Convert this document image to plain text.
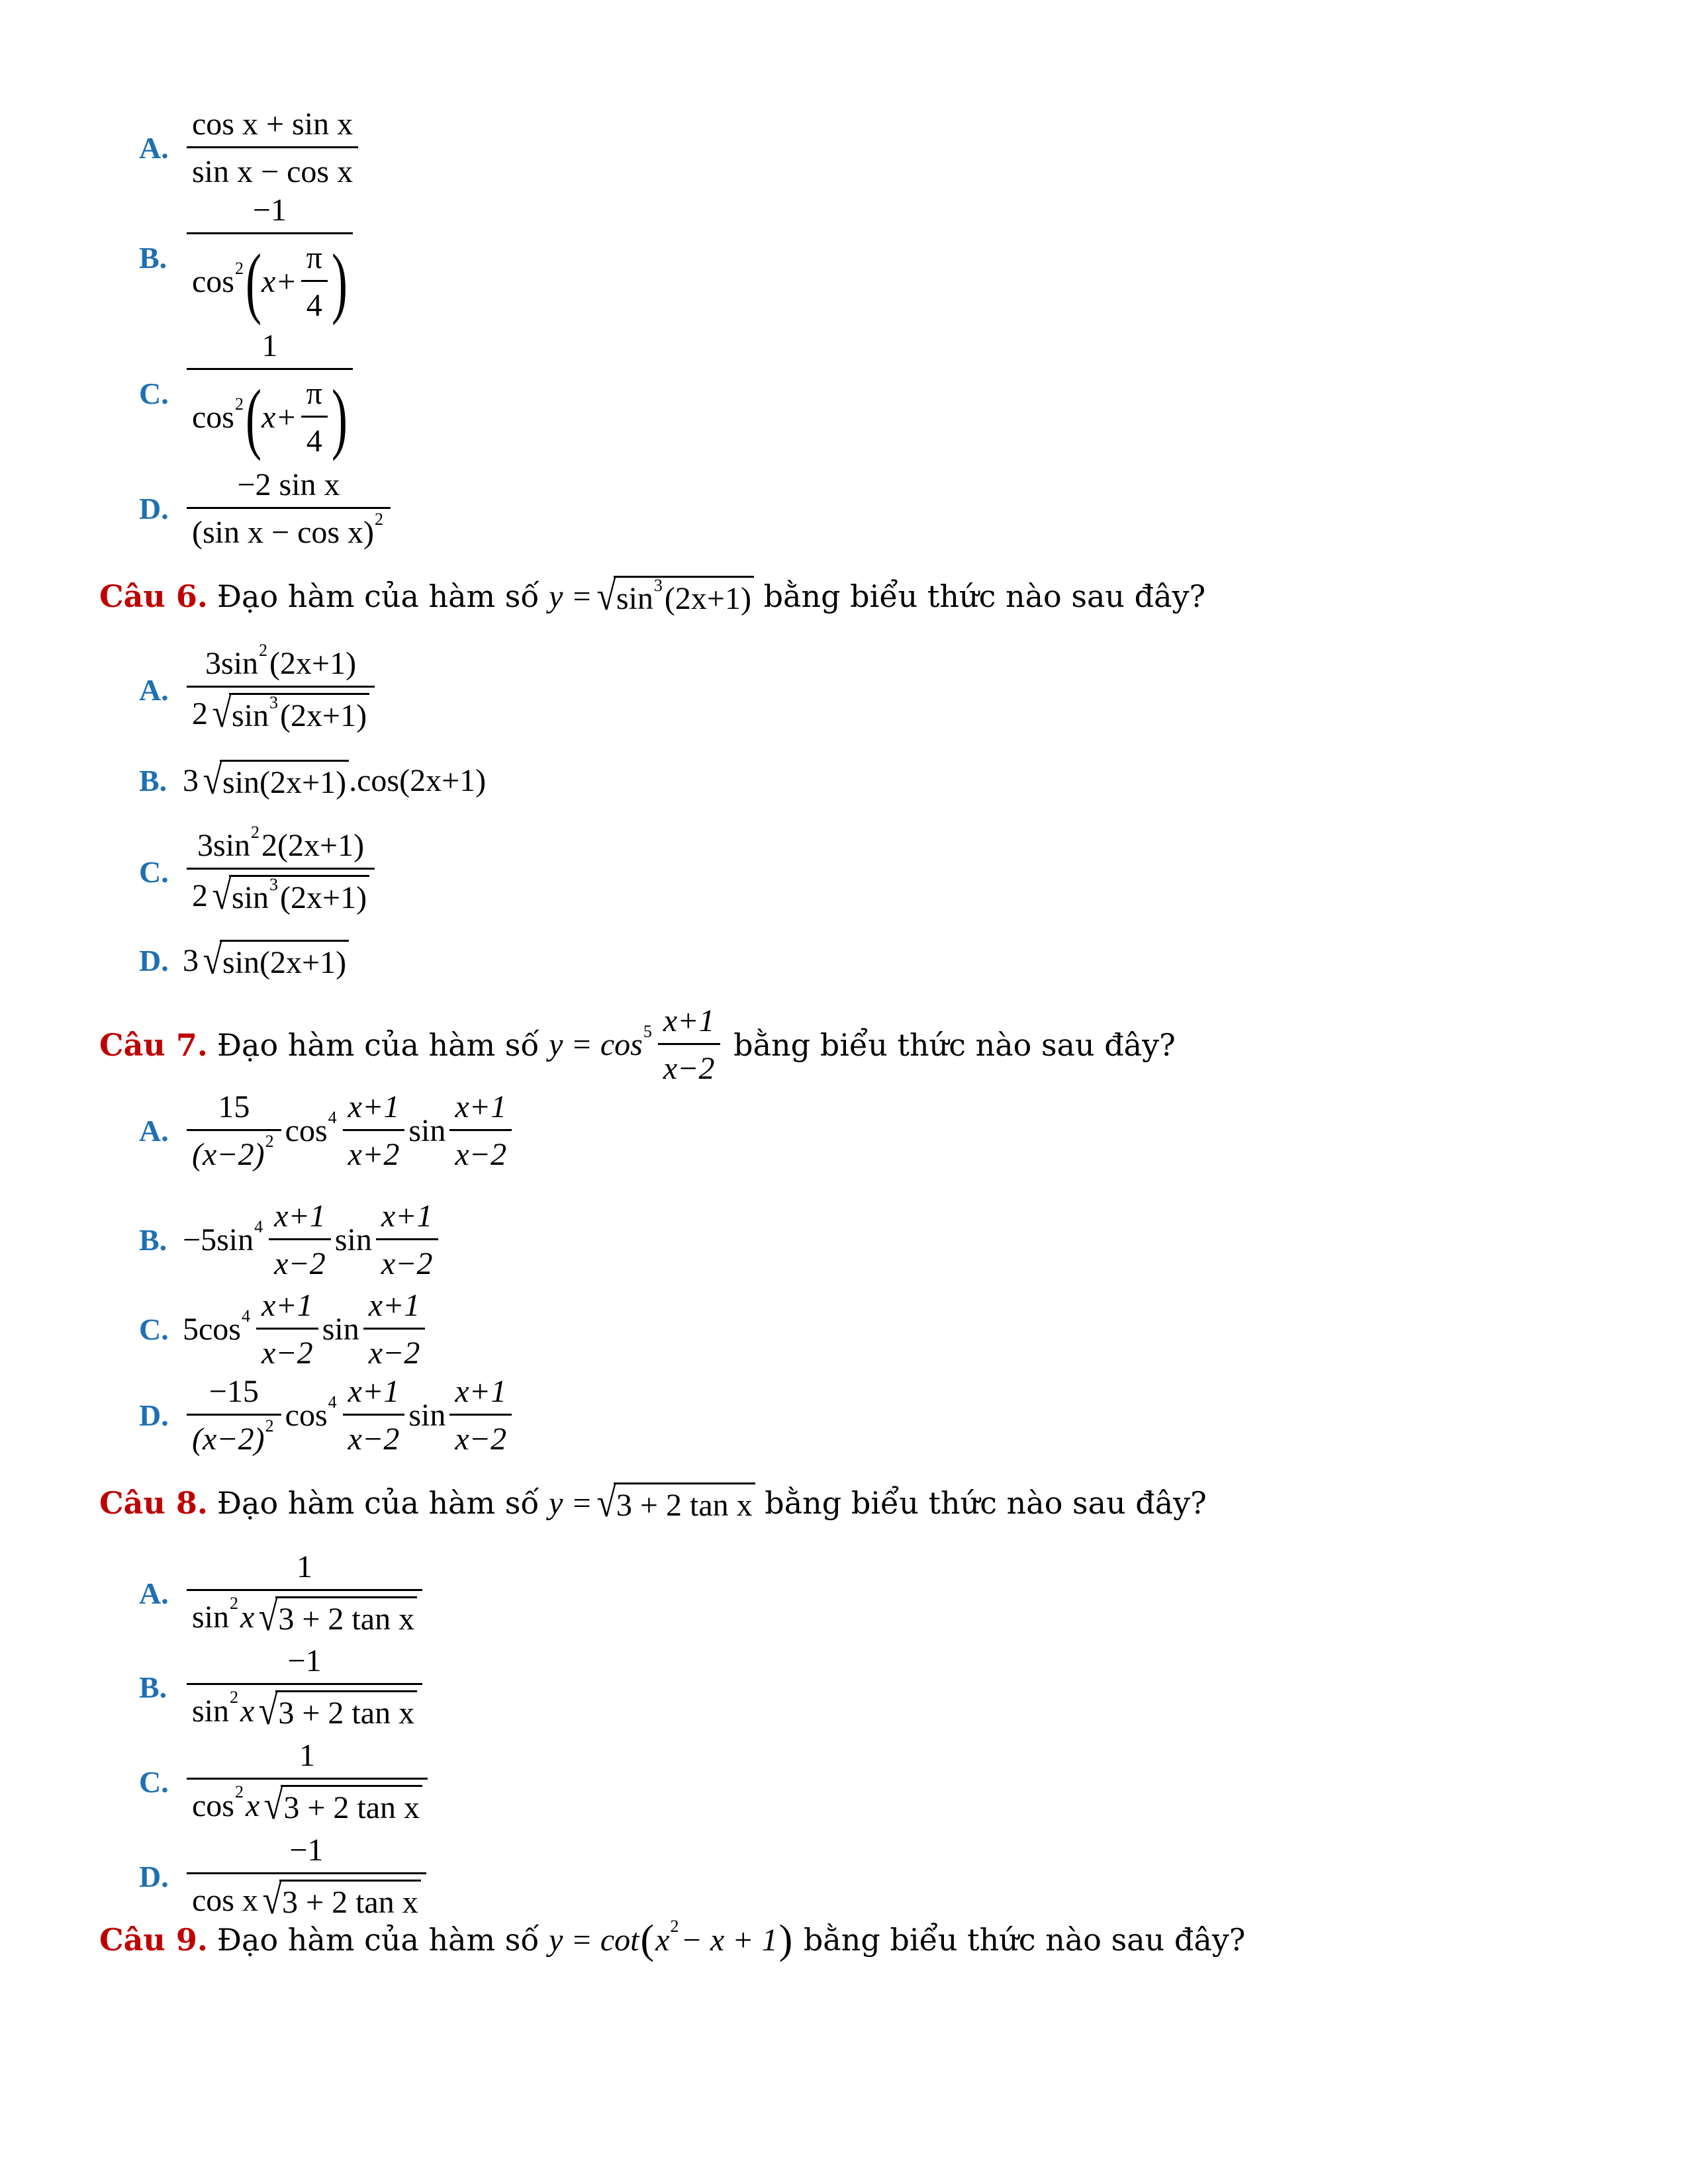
A. $\frac{\text{cos x + sin x}}{\text{sin x − cos x}}$
B. $\frac{-1}{\cos 2 ( x+ \frac{\pi}{4} )}$
C. $\frac{1}{\cos 2 ( x+ \frac{\pi}{4} )}$
D. $\frac{\text{−2 sin x}}{\text{(sin x − cos x) 2}}$
Câu 6. Đạo hàm của hàm số y = √ sin 3 (2x+1) bằng biểu thức nào sau đây?
A. $\frac{3\sin 2 (2x+1)}{2 √ \sin 3 (2x+1)}$
B. 3 √ sin(2x+1) .cos(2x+1)
C. $\frac{3\sin 2 2(2x+1)}{2 √ \sin 3 (2x+1)}$
D. 3 √ sin(2x+1)
Câu 7. Đạo hàm của hàm số $y = \cos 5 \frac{x+1}{x-2}$ bằng biểu thức nào sau đây?
A. $\frac{15}{(x-2) 2}$ $\cos 4 \frac{x+1}{x+2}$ $\sin \frac{x+1}{x-2}$
B. −5sin $4 \frac{x+1}{x-2}$ $\sin \frac{x+1}{x-2}$
C. 5cos $4 \frac{x+1}{x-2}$ $\sin \frac{x+1}{x-2}$
D. $\frac{-15}{(x-2) 2}$ $\cos 4 \frac{x+1}{x-2}$ $\sin \frac{x+1}{x-2}$
Câu 8. Đạo hàm của hàm số y = √ 3 + 2 tan x bằng biểu thức nào sau đây?
A. $\frac{1}{\text{sin 2 x √ 3 + 2 tan x}}$
B. $\frac{-1}{\text{sin 2 x √ 3 + 2 tan x}}$
C. $\frac{1}{\text{cos 2 x √ 3 + 2 tan x}}$
D. $\frac{-1}{\text{cos x √ 3 + 2 tan x}}$
Câu 9. Đạo hàm của hàm số y = cot ( x 2 − x + 1 ) bằng biểu thức nào sau đây?
